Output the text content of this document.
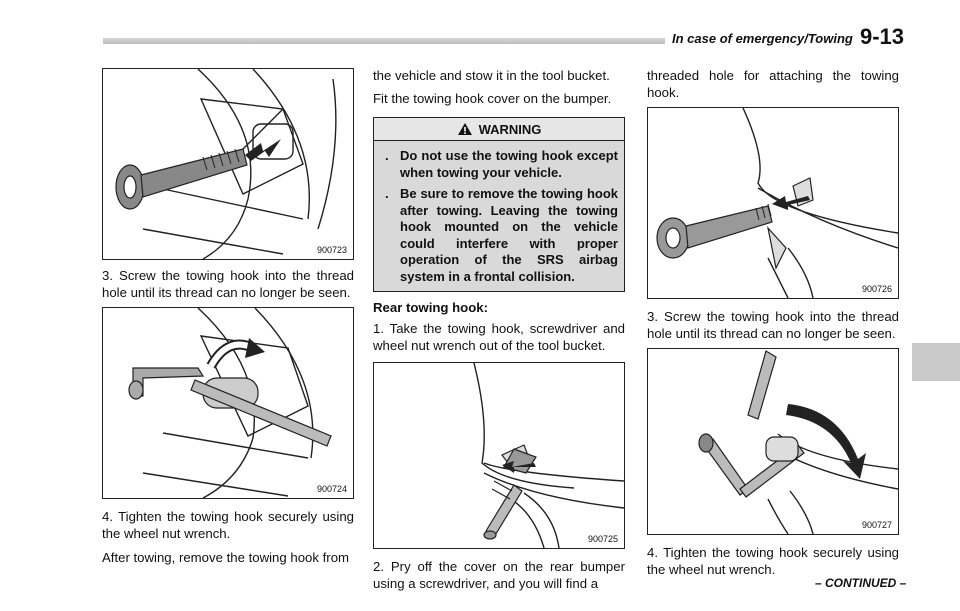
In case of emergency/Towing 9-13
900723

3. Screw the towing hook into the thread hole until its thread can no longer be seen.

900724

4. Tighten the towing hook securely using the wheel nut wrench.

After towing, remove the towing hook from

the vehicle and stow it in the tool bucket.

Fit the towing hook cover on the bumper.

WARNING
. Do not use the towing hook except when towing your vehicle.
. Be sure to remove the towing hook after towing. Leaving the towing hook mounted on the vehicle could interfere with proper operation of the SRS airbag system in a frontal collision.
Rear towing hook:

1. Take the towing hook, screwdriver and wheel nut wrench out of the tool bucket.

900725

2. Pry off the cover on the rear bumper using a screwdriver, and you will find a

threaded hole for attaching the towing hook.

900726

3. Screw the towing hook into the thread hole until its thread can no longer be seen.

900727

4. Tighten the towing hook securely using the wheel nut wrench.

– CONTINUED –
